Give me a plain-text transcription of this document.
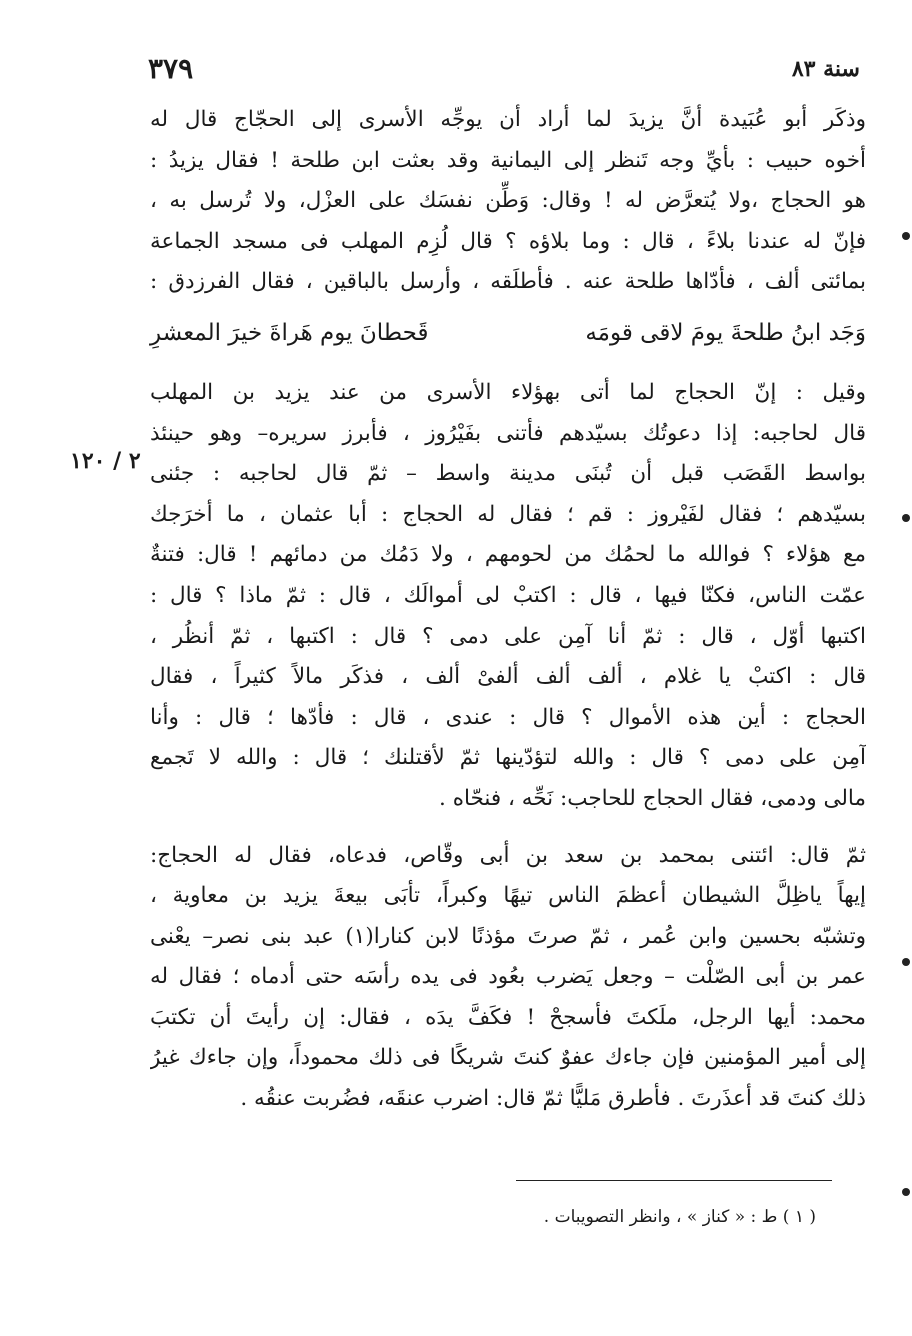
سنة ٨٣
٣٧٩
٢ / ١٢٠
وذكَر أبو عُبَيدة أنَّ يزيدَ لما أراد أن يوجِّه الأسرى إلى الحجّاج قال له
أخوه حبيب : بأيِّ وجه تَنظر إلى اليمانية وقد بعثت ابن طلحة ! فقال يزيدُ :
هو الحجاج ،ولا يُتعرَّض له ! وقال: وَطِّن نفسَك على العزْل، ولا تُرسل به ،
فإنّ له عندنا بلاءً ، قال : وما بلاؤه ؟ قال لُزِم المهلب فى مسجد الجماعة
بمائتى ألف ، فأدّاها طلحة عنه . فأطلَقه ، وأرسل بالباقين ، فقال الفرزدق :
وَجَد ابنُ طلحةَ يومَ لاقى قومَه
قَحطانَ يوم هَراةَ خيرَ المعشرِ
وقيل : إنّ الحجاج لما أتى بهؤلاء الأسرى من عند يزيد بن المهلب
قال لحاجبه: إذا دعوتُك بسيّدهم فأتنى بفَيْرُوز ، فأبرز سريره– وهو حينئذ
بواسط القَصَب قبل أن تُبنَى مدينة واسط – ثمّ قال لحاجبه : جئنى
بسيّدهم ؛ فقال لفَيْروز : قم ؛ فقال له الحجاج : أبا عثمان ، ما أخرَجك
مع هؤلاء ؟ فوالله ما لحمُك من لحومهم ، ولا دَمُك من دمائهم ! قال: فتنةٌ
عمّت الناس، فكنّا فيها ، قال : اكتبْ لى أموالَك ، قال : ثمّ ماذا ؟ قال :
اكتبها أوّل ، قال : ثمّ أنا آمِن على دمى ؟ قال : اكتبها ، ثمّ أنظُر ،
قال : اكتبْ يا غلام ، ألف ألف ألفىْ ألف ، فذكَر مالاً كثيراً ، فقال
الحجاج : أين هذه الأموال ؟ قال : عندى ، قال : فأدّها ؛ قال : وأنا
آمِن على دمى ؟ قال : والله لتؤدّينها ثمّ لأقتلنك ؛ قال : والله لا تَجمع
مالى ودمى، فقال الحجاج للحاجب: نَحِّه ، فنحّاه .
ثمّ قال: ائتنى بمحمد بن سعد بن أبى وقّاص، فدعاه، فقال له الحجاج:
إيهاً ياظِلَّ الشيطان أعظمَ الناس تيهًا وكبراً، تأبَى بيعةَ يزيد بن معاوية ،
وتشبّه بحسين وابن عُمر ، ثمّ صرتَ مؤذنًا لابن كنارا(١) عبد بنى نصر– يعْنى
عمر بن أبى الصّلْت – وجعل يَضرب بعُود فى يده رأسَه حتى أدماه ؛ فقال له
محمد: أيها الرجل، ملَكتَ فأسجحْ ! فكَفَّ يدَه ، فقال: إن رأيتَ أن تكتبَ
إلى أمير المؤمنين فإن جاءك عفوٌ كنتَ شريكًا فى ذلك محموداً، وإن جاءك غيرُ
ذلك كنتَ قد أعذَرتَ . فأطرق مَليًّا ثمّ قال: اضرب عنقَه، فضُربت عنقُه .
( ١ ) ط : « كناز » ، وانظر التصويبات .
